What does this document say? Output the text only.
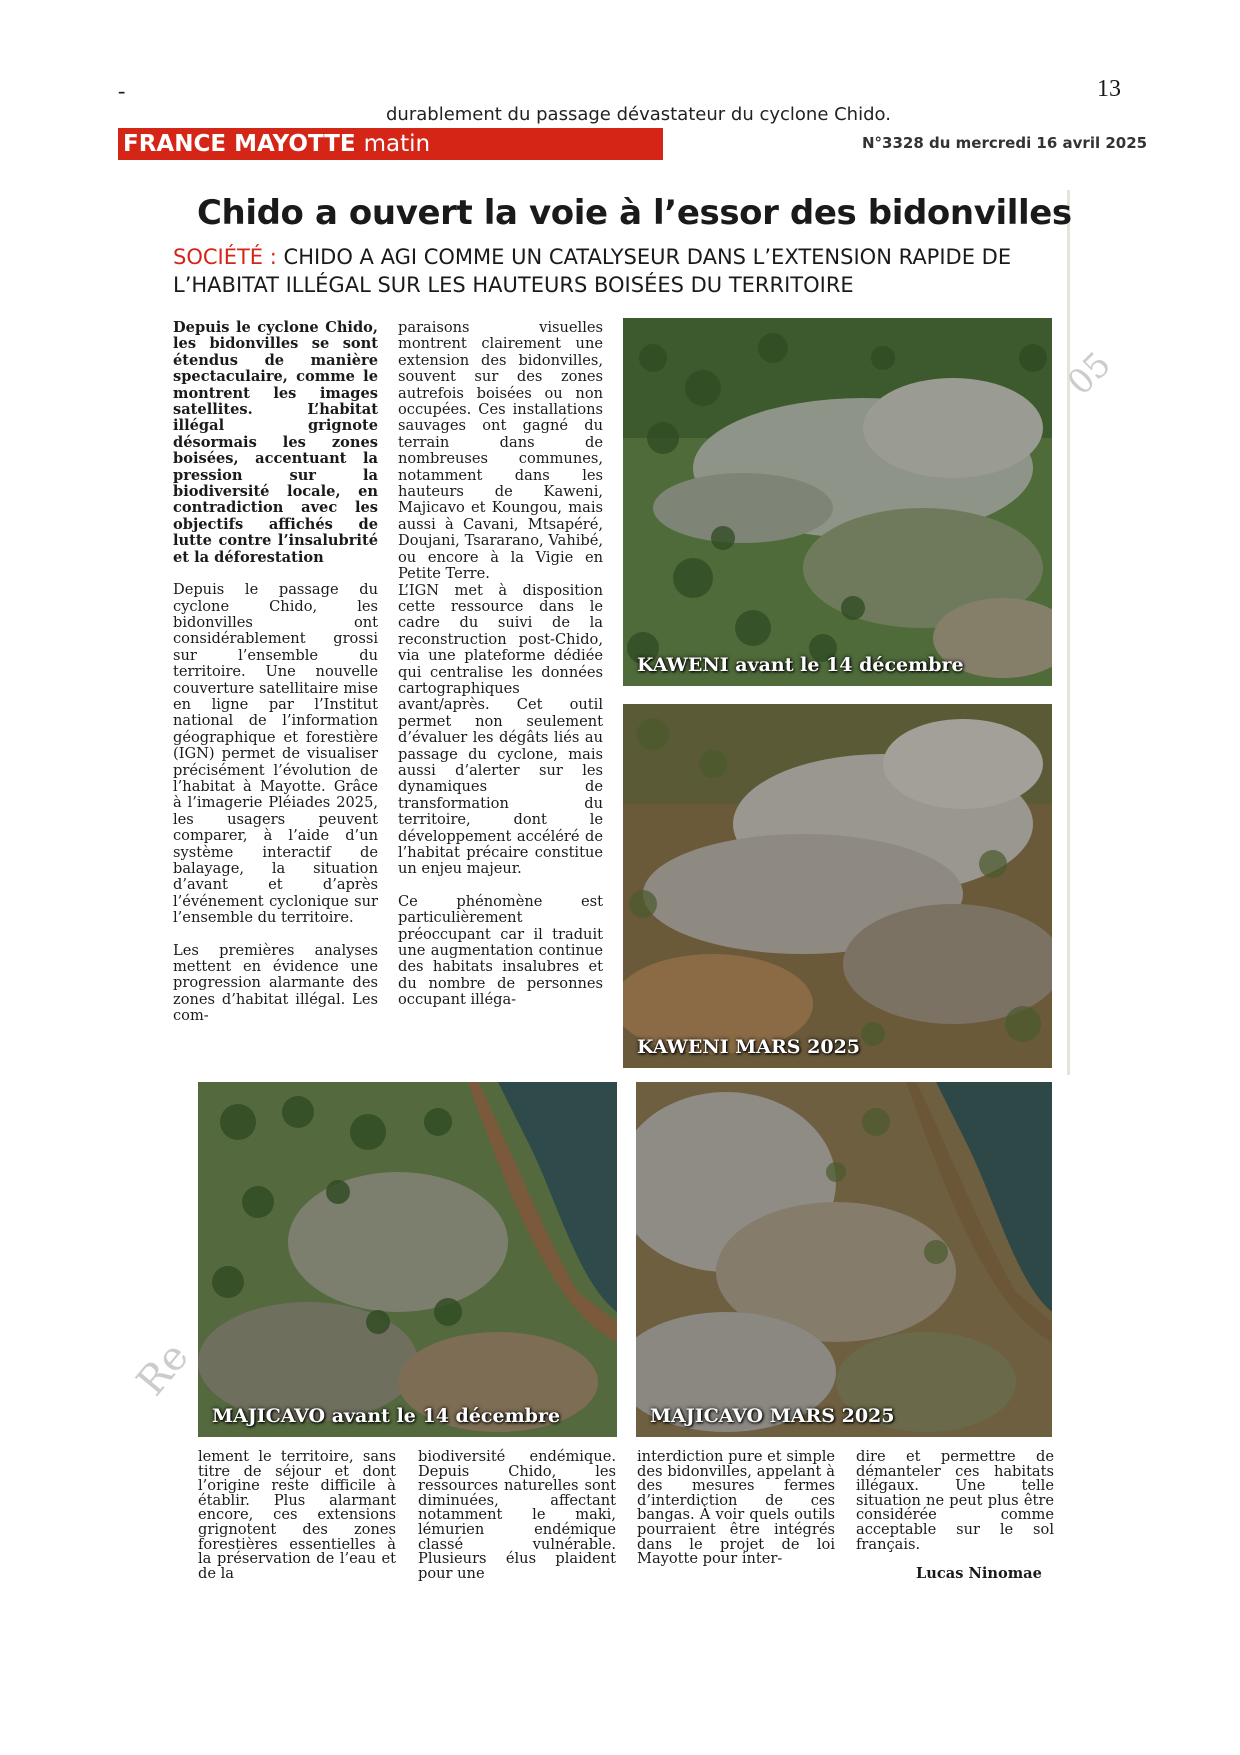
-	13
durablement du passage dévastateur du cyclone Chido.
FRANCE MAYOTTE matin	N°3328 du mercredi 16 avril 2025
Chido a ouvert la voie à l’essor des bidonvilles
SOCIÉTÉ : CHIDO A AGI COMME UN CATALYSEUR DANS L’EXTENSION RAPIDE DE L’HABITAT ILLÉGAL SUR LES HAUTEURS BOISÉES DU TERRITOIRE

Depuis le cyclone Chido, les bidonvilles se sont étendus de manière spectaculaire, comme le montrent les images satellites. L’habitat illégal grignote désormais les zones boisées, accentuant la pression sur la biodiversité locale, en contradiction avec les objectifs affichés de lutte contre l’insalubrité et la déforestation

Depuis le passage du cyclone Chido, les bidonvilles ont considérablement grossi sur l’ensemble du territoire. Une nouvelle couverture satellitaire mise en ligne par l’Institut national de l’information géographique et forestière (IGN) permet de visualiser précisément l’évolution de l’habitat à Mayotte. Grâce à l’imagerie Pléiades 2025, les usagers peuvent comparer, à l’aide d’un système interactif de balayage, la situation d’avant et d’après l’événement cyclonique sur l’ensemble du territoire.

Les premières analyses mettent en évidence une progression alarmante des zones d’habitat illégal. Les com-

paraisons visuelles montrent clairement une extension des bidonvilles, souvent sur des zones autrefois boisées ou non occupées. Ces installations sauvages ont gagné du terrain dans de nombreuses communes, notamment dans les hauteurs de Kaweni, Majicavo et Koungou, mais aussi à Cavani, Mtsapéré, Doujani, Tsararano, Vahibé, ou encore à la Vigie en Petite Terre.

L’IGN met à disposition cette ressource dans le cadre du suivi de la reconstruction post-Chido, via une plateforme dédiée qui centralise les données cartographiques avant/après. Cet outil permet non seulement d’évaluer les dégâts liés au passage du cyclone, mais aussi d’alerter sur les dynamiques de transformation du territoire, dont le développement accéléré de l’habitat précaire constitue un enjeu majeur.

Ce phénomène est particulièrement préoccupant car il traduit une augmentation continue des habitats insalubres et du nombre de personnes occupant illéga-

KAWENI avant le 14 décembre
KAWENI MARS 2025
MAJICAVO avant le 14 décembre	MAJICAVO MARS 2025
lement le territoire, sans titre de séjour et dont l’origine reste difficile à établir. Plus alarmant encore, ces extensions grignotent des zones forestières essentielles à la préservation de l’eau et de la
biodiversité endémique. Depuis Chido, les ressources naturelles sont diminuées, affectant notamment le maki, lémurien endémique classé vulnérable. Plusieurs élus plaident pour une
interdiction pure et simple des bidonvilles, appelant à des mesures fermes d’interdiction de ces bangas. À voir quels outils pourraient être intégrés dans le projet de loi Mayotte pour inter-
dire et permettre de démanteler ces habitats illégaux. Une telle situation ne peut plus être considérée comme acceptable sur le sol français.
Lucas Ninomae
05
Re
